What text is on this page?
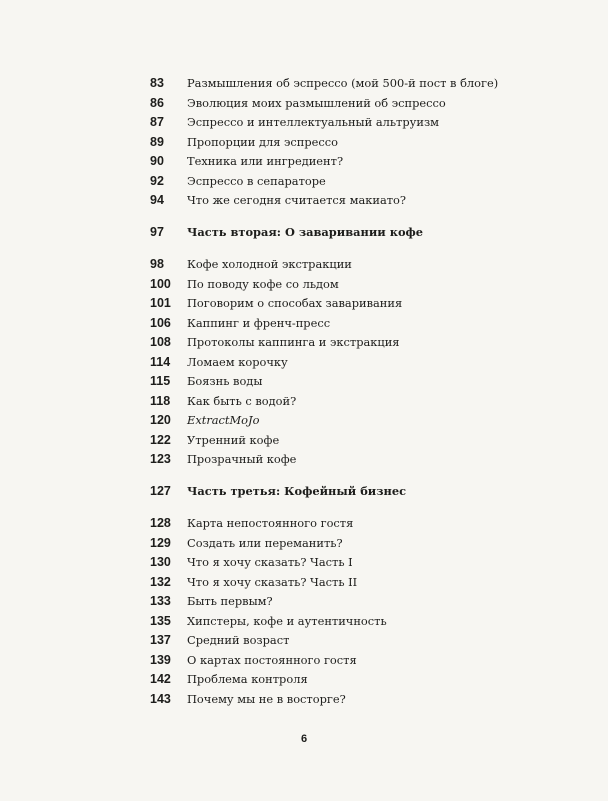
83 Размышления об эспрессо (мой 500-й пост в блоге)
86 Эволюция моих размышлений об эспрессо
87 Эспрессо и интеллектуальный альтруизм
89 Пропорции для эспрессо
90 Техника или ингредиент?
92 Эспрессо в сепараторе
94 Что же сегодня считается макиато?
97 Часть вторая: О заваривании кофе
98 Кофе холодной экстракции
100 По поводу кофе со льдом
101 Поговорим о способах заваривания
106 Каппинг и френч-пресс
108 Протоколы каппинга и экстракция
114 Ломаем корочку
115 Боязнь воды
118 Как быть с водой?
120 ExtractMoJo
122 Утренний кофе
123 Прозрачный кофе
127 Часть третья: Кофейный бизнес
128 Карта непостоянного гостя
129 Создать или переманить?
130 Что я хочу сказать? Часть I
132 Что я хочу сказать? Часть II
133 Быть первым?
135 Хипстеры, кофе и аутентичность
137 Средний возраст
139 О картах постоянного гостя
142 Проблема контроля
143 Почему мы не в восторге?
6
